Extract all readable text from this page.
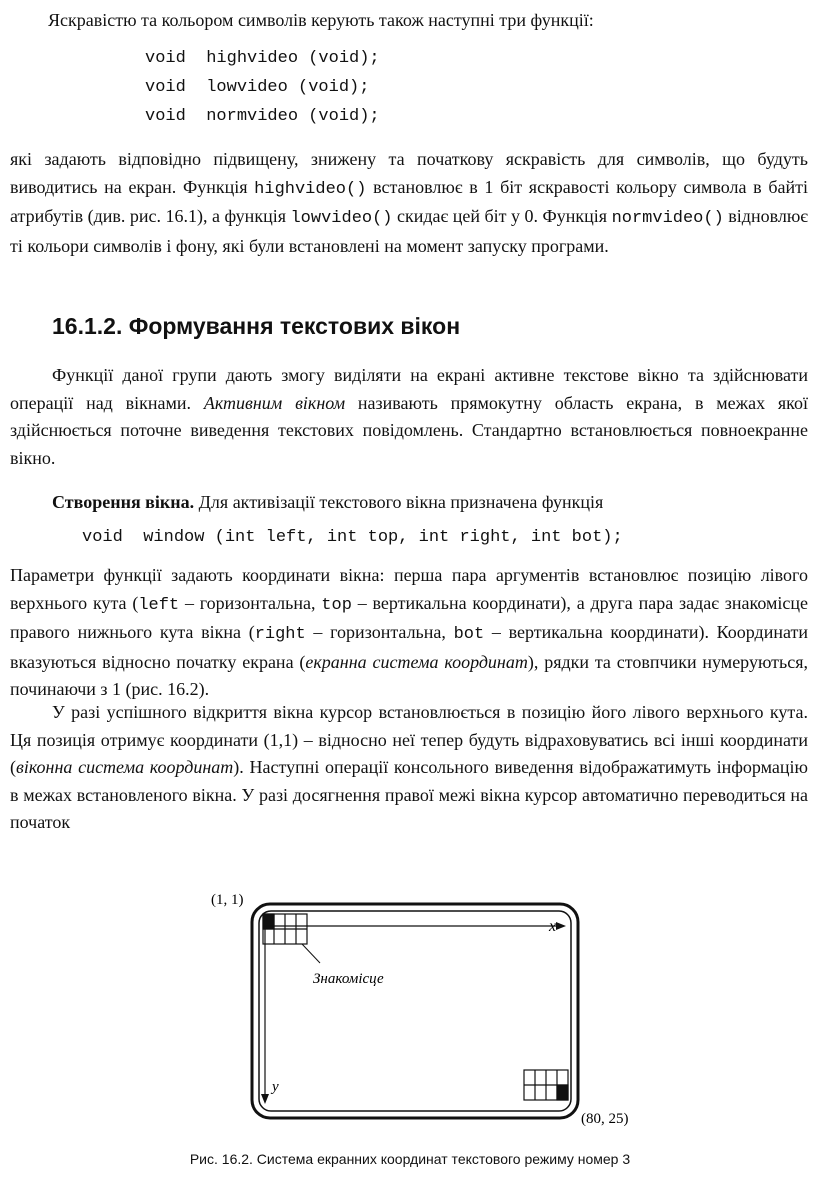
Яскравістю та кольором символів керують також наступні три функції:

void  highvideo (void);
void  lowvideo (void);
void  normvideo (void);

які задають відповідно підвищену, знижену та початкову яскравість для символів, що будуть виводитись на екран. Функція highvideo() встановлює в 1 біт яскравості кольору символа в байті атрибутів (див. рис. 16.1), а функція lowvideo() скидає цей біт у 0. Функція normvideo() відновлює ті кольори символів і фону, які були встановлені на момент запуску програми.

16.1.2. Формування текстових вікон

Функції даної групи дають змогу виділяти на екрані активне текстове вікно та здійснювати операції над вікнами. Активним вікном називають прямокутну область екрана, в межах якої здійснюється поточне виведення текстових повідомлень. Стандартно встановлюється повноекранне вікно.

Створення вікна. Для активізації текстового вікна призначена функція

void  window (int left, int top, int right, int bot);

Параметри функції задають координати вікна: перша пара аргументів встановлює позицію лівого верхнього кута (left – горизонтальна, top – вертикальна координати), а друга пара задає знакомісце правого нижнього кута вікна (right – горизонтальна, bot – вертикальна координати). Координати вказуються відносно початку екрана (екранна система координат), рядки та стовпчики нумеруються, починаючи з 1 (рис. 16.2).

У разі успішного відкриття вікна курсор встановлюється в позицію його лівого верхнього кута. Ця позиція отримує координати (1,1) – відносно неї тепер будуть відраховуватись всі інші координати (віконна система координат). Наступні операції консольного виведення відображатимуть інформацію в межах встановленого вікна. У разі досягнення правої межі вікна курсор автоматично переводиться на початок

(1, 1)
x
y
Знакомісце
(80, 25)
Рис. 16.2. Система екранних координат текстового режиму номер 3
